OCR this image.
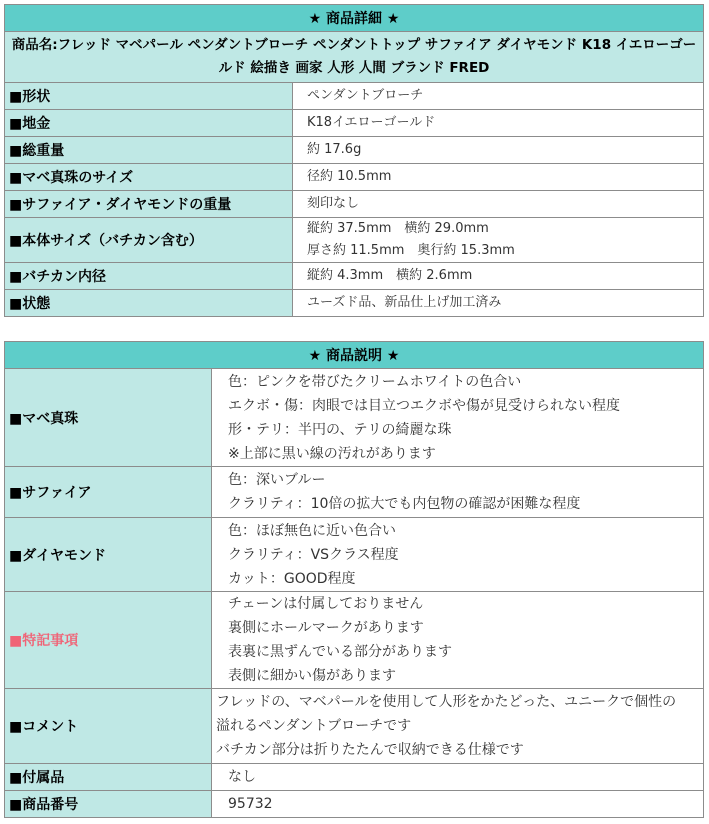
★ 商品詳細 ★	
商品名:フレッド マベパール ペンダントブローチ ペンダントトップ サファイア ダイヤモンド K18 イエローゴールド 絵描き 画家 人形 人間 ブランド FRED	
■形状	ペンダントブローチ

■地金	K18イエローゴールド

■総重量	約 17.6g

■マベ真珠のサイズ	径約 10.5mm

■サファイア・ダイヤモンドの重量	刻印なし

■本体サイズ（バチカン含む）	縦約 37.5mm　横約 29.0mm
厚さ約 11.5mm　奥行約 15.3mm

■バチカン内径	縦約 4.3mm　横約 2.6mm

■状態	ユーズド品、新品仕上げ加工済み
★ 商品説明 ★	
■マベ真珠	色：ピンクを帯びたクリームホワイトの色合い
エクボ・傷：肉眼では目立つエクボや傷が見受けられない程度
形・テリ：半円の、テリの綺麗な珠
※上部に黒い線の汚れがあります

■サファイア	色：深いブルー
クラリティ：10倍の拡大でも内包物の確認が困難な程度

■ダイヤモンド	色：ほぼ無色に近い色合い
クラリティ：VSクラス程度
カット：GOOD程度

■特記事項	チェーンは付属しておりません
裏側にホールマークがあります
表裏に黒ずんでいる部分があります
表側に細かい傷があります

■コメント	フレッドの、マベパールを使用して人形をかたどった、ユニークで個性の
溢れるペンダントブローチです
バチカン部分は折りたたんで収納できる仕様です

■付属品	なし

■商品番号	95732
